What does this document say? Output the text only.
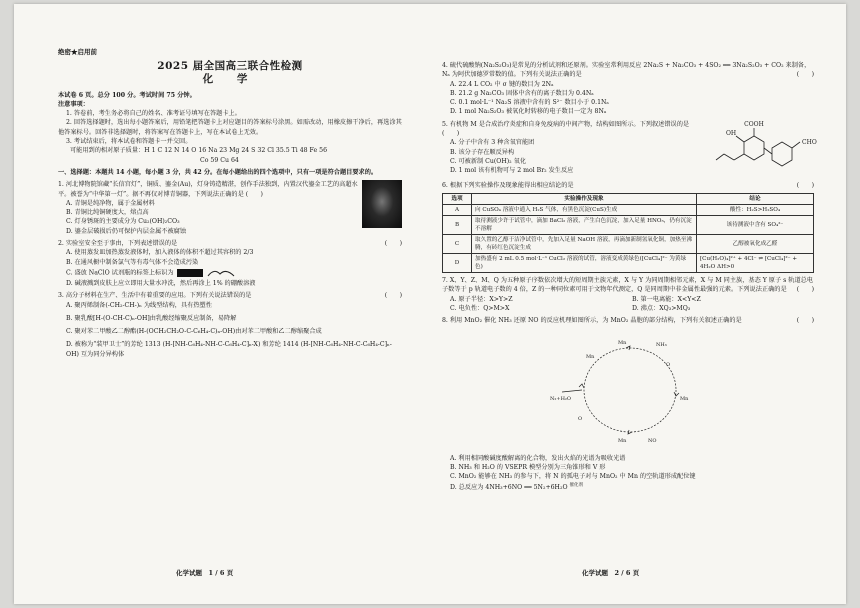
绝密★启用前
2025 届全国高三联合性检测
化 学
本试卷 6 页。总分 100 分。考试时间 75 分钟。
注意事项：
1. 答卷前，考生务必将自己的姓名、准考证号填写在答题卡上。
2. 回答选择题时，选出每小题答案后，用铅笔把答题卡上对应题目的答案标号涂黑。如需改动，用橡皮擦干净后，再选涂其他答案标号。回答非选择题时，将答案写在答题卡上，写在本试卷上无效。
3. 考试结束后，将本试卷和答题卡一并交回。
可能用到的相对原子质量：H 1 C 12 N 14 O 16 Na 23 Mg 24 S 32 Cl 35.5 Ti 48 Fe 56
Co 59 Cu 64
一、选择题：本题共 14 小题，每小题 3 分，共 42 分。在每小题给出的四个选项中，只有一项是符合题目要求的。
1. 河北博物院馆藏“长信宫灯”，铜质、鎏金(Au)，灯身铸造精湛，创作手法独到，内置汉代鎏金工艺的高超水平。被誉为“中华第一灯”。据不再仅对博青铜器，下列说法正确的是 (　　)
A. 青铜是纯净物，属于金属材料
B. 青铜比纯铜硬度大，熔点高
C. 灯身锈斑的主要成分为 Cu₂(OH)₂CO₃
D. 鎏金层破损后仍可保护内层金属不被腐蚀
2. 实验室安全至于事由，下列表述错误的是	(　　)
A. 使用蒸发皿加热蒸发液体时，加入液体的体积不超过其容积的 2/3
B. 在通风橱中制备氯气等有毒气体不会造成污染
C. 盛放 NaClO 试剂瓶的标签上标识为
D. 碱液溅到皮肤上应立即用大量水冲洗，然后再涂上 1% 的硼酸溶液
3. 高分子材料在生产、生活中有着重要的应用。下列有关说法错误的是	(　　)
A. 聚丙烯制备(-CH₂-CH-)ₙ 为线型结构，具有热塑性
B. 聚乳酸[H-(O-CH-C)ₙ-OH]由乳酸经缩聚反应制备，易降解
C. 聚对苯二甲酸乙二醇酯(H-(OCH₂CH₂O-C-C₆H₄-C)ₙ-OH)由对苯二甲酸和乙二醇缩聚合成
D. 被称为“装甲卫士”的芳纶 1313 (H-[NH-C₆H₄-NH-C-C₆H₄-C]ₙ-X) 和芳纶 1414 (H-[NH-C₆H₄-NH-C-C₆H₄-C]ₙ-OH) 互为同分异构体
化学试题　1 / 6 页
4. 硫代硫酸钠(Na₂S₂O₃)是常见的分析试剂和还原剂。实验室常利用反应 2Na₂S + Na₂CO₃ + 4SO₂ ══ 3Na₂S₂O₃ + CO₂ 来制备，Nₐ 为阿伏加德罗常数的值。下列有关说法正确的是	(　　)
A. 22.4 L CO₂ 中 σ 键的数目为 2Nₐ
B. 21.2 g Na₂CO₃ 固体中含有的离子数目为 0.4Nₐ
C. 0.1 mol·L⁻¹ Na₂S 溶液中含有的 S²⁻ 数目小于 0.1Nₐ
D. 1 mol Na₂S₂O₃ 被氧化时转移的电子数目一定为 8Nₐ
5. 有机物 M 是合成治疗炎症和自身免疫病的中间产物，结构如图所示。下列叙述错误的是 (　　)
A. 分子中含有 3 种含氧官能团
B. 该分子存在顺反异构
C. 可被新制 Cu(OH)₂ 氧化
D. 1 mol 该有机物可与 2 mol Br₂ 发生反应
COOH
CHO
OH
6. 根据下列实验操作及现象能得出相应结论的是	(　　)
选项	实验操作及现象	结论
A	向 CuSO₄ 溶液中通入 H₂S 气体，有黑色沉淀(CuS)生成	酸性：H₂S>H₂SO₄
B	取待测液少许于试管中，滴加 BaCl₂ 溶液，产生白色沉淀，加入足量 HNO₃，仍有沉淀不溶解	该待测液中含有 SO₄²⁻
C	取久置的乙醇于洁净试管中，先加入足量 NaOH 溶液，再滴加新制氢氧化铜，加热至沸腾，有砖红色沉淀生成	乙醇被氧化成乙醛
D	加热盛有 2 mL 0.5 mol·L⁻¹ CuCl₂ 溶液的试管，溶液变成黄绿色([CuCl₄]²⁻ 为黄绿色)	[Cu(H₂O)₄]²⁺ + 4Cl⁻ ⇌ [CuCl₄]²⁻ + 4H₂O ΔH>0
7. X、Y、Z、M、Q 为五种原子序数依次增大的短周期主族元素，X 与 Y 为同周期相邻元素，X 与 M 同主族，基态 Y 原子 s 轨道总电子数等于 p 轨道电子数的 4 倍，Z 的一种同位素可用于文物年代测定，Q 是同周期中非金属性最强的元素。下列说法正确的是 (　　)
A. 原子半径：X>Y>Z	B. 第一电离能：X<Y<Z
C. 电负性：Q>M>X	D. 沸点：XQ₃>MQ₃
8. 利用 MnO₂ 催化 NH₃ 还原 NO 的反应机理如图所示，为 MnO₂ 晶胞的部分结构，下列有关叙述正确的是	(　　)
Mn
O
Mn
Mn
O
Mn
N₂+H₂O
NH₃
NO
A. 利用相同酸碱度酸解离的化合物，发出火焰的光谱为吸收光谱
B. NH₃ 和 H₂O 的 VSEPR 模型分别为三角锥形和 V 形
C. MnO₂ 能够在 NH₃ 的参与下，将 N 的孤电子对与 MnO₂ 中 Mn 的空轨道形成配位键
D. 总反应为 4NH₃+6NO ══ 5N₂+6H₂O $^{催化剂}$
化学试题　2 / 6 页
